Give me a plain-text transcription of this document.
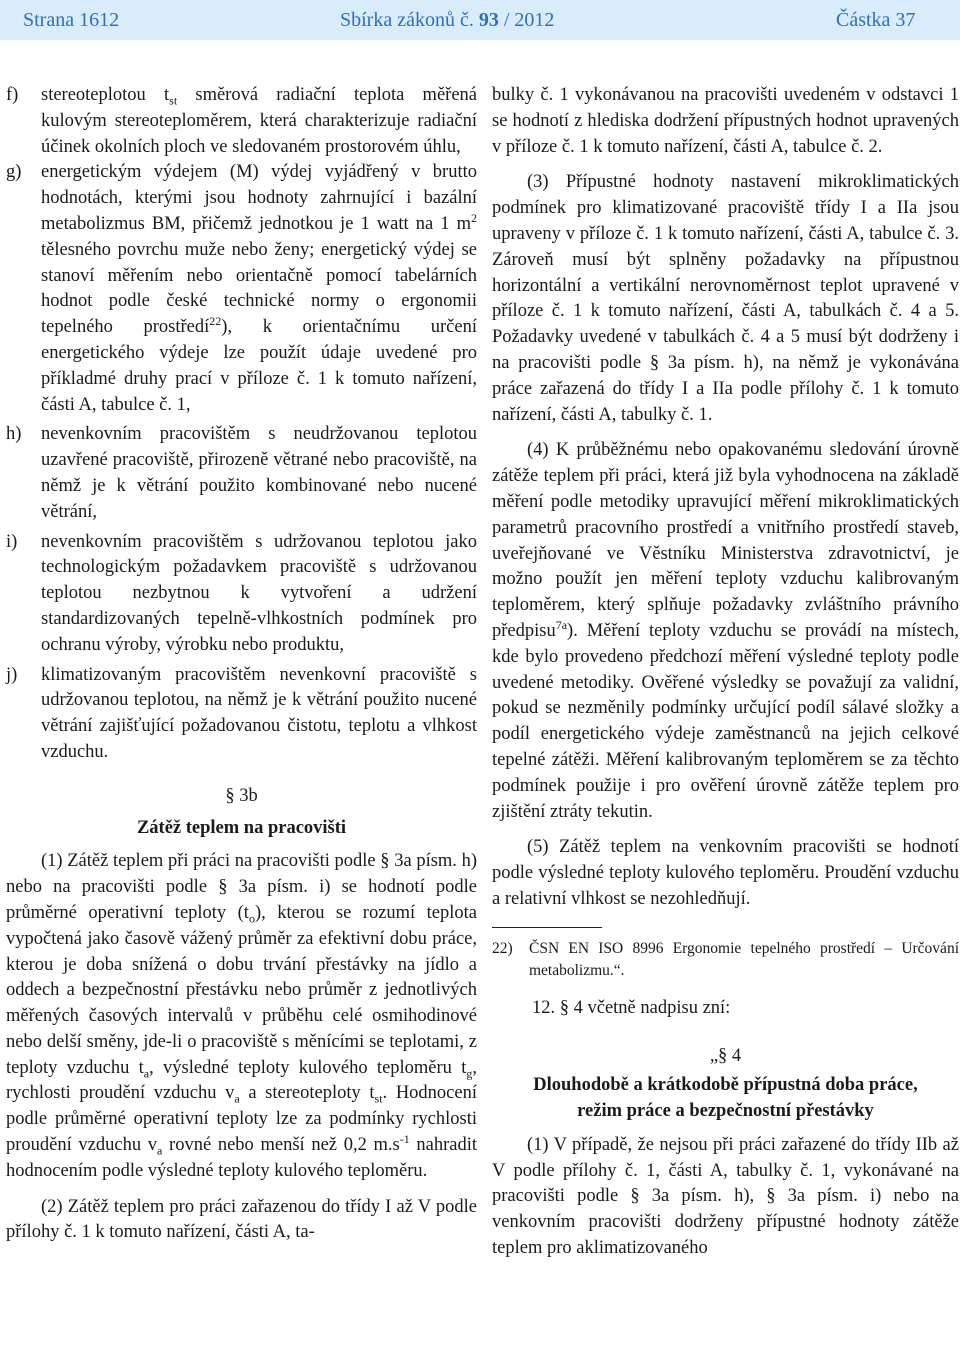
Strana 1612	Sbírka zákonů č. 93 / 2012	Částka 37
f)	stereoteplotou $t_{st}$ směrová radiační teplota měřená kulovým stereoteploměrem, která charakterizuje radiační účinek okolních ploch ve sledovaném prostorovém úhlu,
g)	energetickým výdejem (M) výdej vyjádřený v brutto hodnotách, kterými jsou hodnoty zahrnující i bazální metabolizmus BM, přičemž jednotkou je 1 watt na 1 $m^2$ tělesného povrchu muže nebo ženy; energetický výdej se stanoví měřením nebo orientačně pomocí tabelárních hodnot podle české technické normy o ergonomii tepelného prostředí$^{22}$), k orientačnímu určení energetického výdeje lze použít údaje uvedené pro příkladmé druhy prací v příloze č. 1 k tomuto nařízení, části A, tabulce č. 1,
h)	nevenkovním pracovištěm s neudržovanou teplotou uzavřené pracoviště, přirozeně větrané nebo pracoviště, na němž je k větrání použito kombinované nebo nucené větrání,
i)	nevenkovním pracovištěm s udržovanou teplotou jako technologickým požadavkem pracoviště s udržovanou teplotou nezbytnou k vytvoření a udržení standardizovaných tepelně-vlhkostních podmínek pro ochranu výroby, výrobku nebo produktu,
j)	klimatizovaným pracovištěm nevenkovní pracoviště s udržovanou teplotou, na němž je k větrání použito nucené větrání zajišťující požadovanou čistotu, teplotu a vlhkost vzduchu.

§ 3b

Zátěž teplem na pracovišti

(1) Zátěž teplem při práci na pracovišti podle § 3a písm. h) nebo na pracovišti podle § 3a písm. i) se hodnotí podle průměrné operativní teploty $(t_o)$, kterou se rozumí teplota vypočtená jako časově vážený průměr za efektivní dobu práce, kterou je doba snížená o dobu trvání přestávky na jídlo a oddech a bezpečnostní přestávku nebo průměr z jednotlivých měřených časových intervalů v průběhu celé osmihodinové nebo delší směny, jde-li o pracoviště s měnícími se teplotami, z teploty vzduchu $t_a$, výsledné teploty kulového teploměru $t_g$, rychlosti proudění vzduchu $v_a$ a stereoteploty $t_{st}$. Hodnocení podle průměrné operativní teploty lze za podmínky rychlosti proudění vzduchu $v_a$ rovné nebo menší než 0,2 $m.s^{-1}$ nahradit hodnocením podle výsledné teploty kulového teploměru.

(2) Zátěž teplem pro práci zařazenou do třídy I až V podle přílohy č. 1 k tomuto nařízení, části A, ta-

bulky č. 1 vykonávanou na pracovišti uvedeném v odstavci 1 se hodnotí z hlediska dodržení přípustných hodnot upravených v příloze č. 1 k tomuto nařízení, části A, tabulce č. 2.

(3) Přípustné hodnoty nastavení mikroklimatických podmínek pro klimatizované pracoviště třídy I a IIa jsou upraveny v příloze č. 1 k tomuto nařízení, části A, tabulce č. 3. Zároveň musí být splněny požadavky na přípustnou horizontální a vertikální nerovnoměrnost teplot upravené v příloze č. 1 k tomuto nařízení, části A, tabulkách č. 4 a 5. Požadavky uvedené v tabulkách č. 4 a 5 musí být dodrženy i na pracovišti podle § 3a písm. h), na němž je vykonávána práce zařazená do třídy I a IIa podle přílohy č. 1 k tomuto nařízení, části A, tabulky č. 1.

(4) K průběžnému nebo opakovanému sledování úrovně zátěže teplem při práci, která již byla vyhodnocena na základě měření podle metodiky upravující měření mikroklimatických parametrů pracovního prostředí a vnitřního prostředí staveb, uveřejňované ve Věstníku Ministerstva zdravotnictví, je možno použít jen měření teploty vzduchu kalibrovaným teploměrem, který splňuje požadavky zvláštního právního předpisu$^{7a}$). Měření teploty vzduchu se provádí na místech, kde bylo provedeno předchozí měření výsledné teploty podle uvedené metodiky. Ověřené výsledky se považují za validní, pokud se nezměnily podmínky určující podíl sálavé složky a podíl energetického výdeje zaměstnanců na jejich celkové tepelné zátěži. Měření kalibrovaným teploměrem se za těchto podmínek použije i pro ověření úrovně zátěže teplem pro zjištění ztráty tekutin.

(5) Zátěž teplem na venkovním pracovišti se hodnotí podle výsledné teploty kulového teploměru. Proudění vzduchu a relativní vlhkost se nezohledňují.

22)	ČSN EN ISO 8996 Ergonomie tepelného prostředí – Určování metabolizmu.“.

12. § 4 včetně nadpisu zní:

„§ 4

Dlouhodobě a krátkodobě přípustná doba práce,

režim práce a bezpečnostní přestávky

(1) V případě, že nejsou při práci zařazené do třídy IIb až V podle přílohy č. 1, části A, tabulky č. 1, vykonávané na pracovišti podle § 3a písm. h), § 3a písm. i) nebo na venkovním pracovišti dodrženy přípustné hodnoty zátěže teplem pro aklimatizovaného
